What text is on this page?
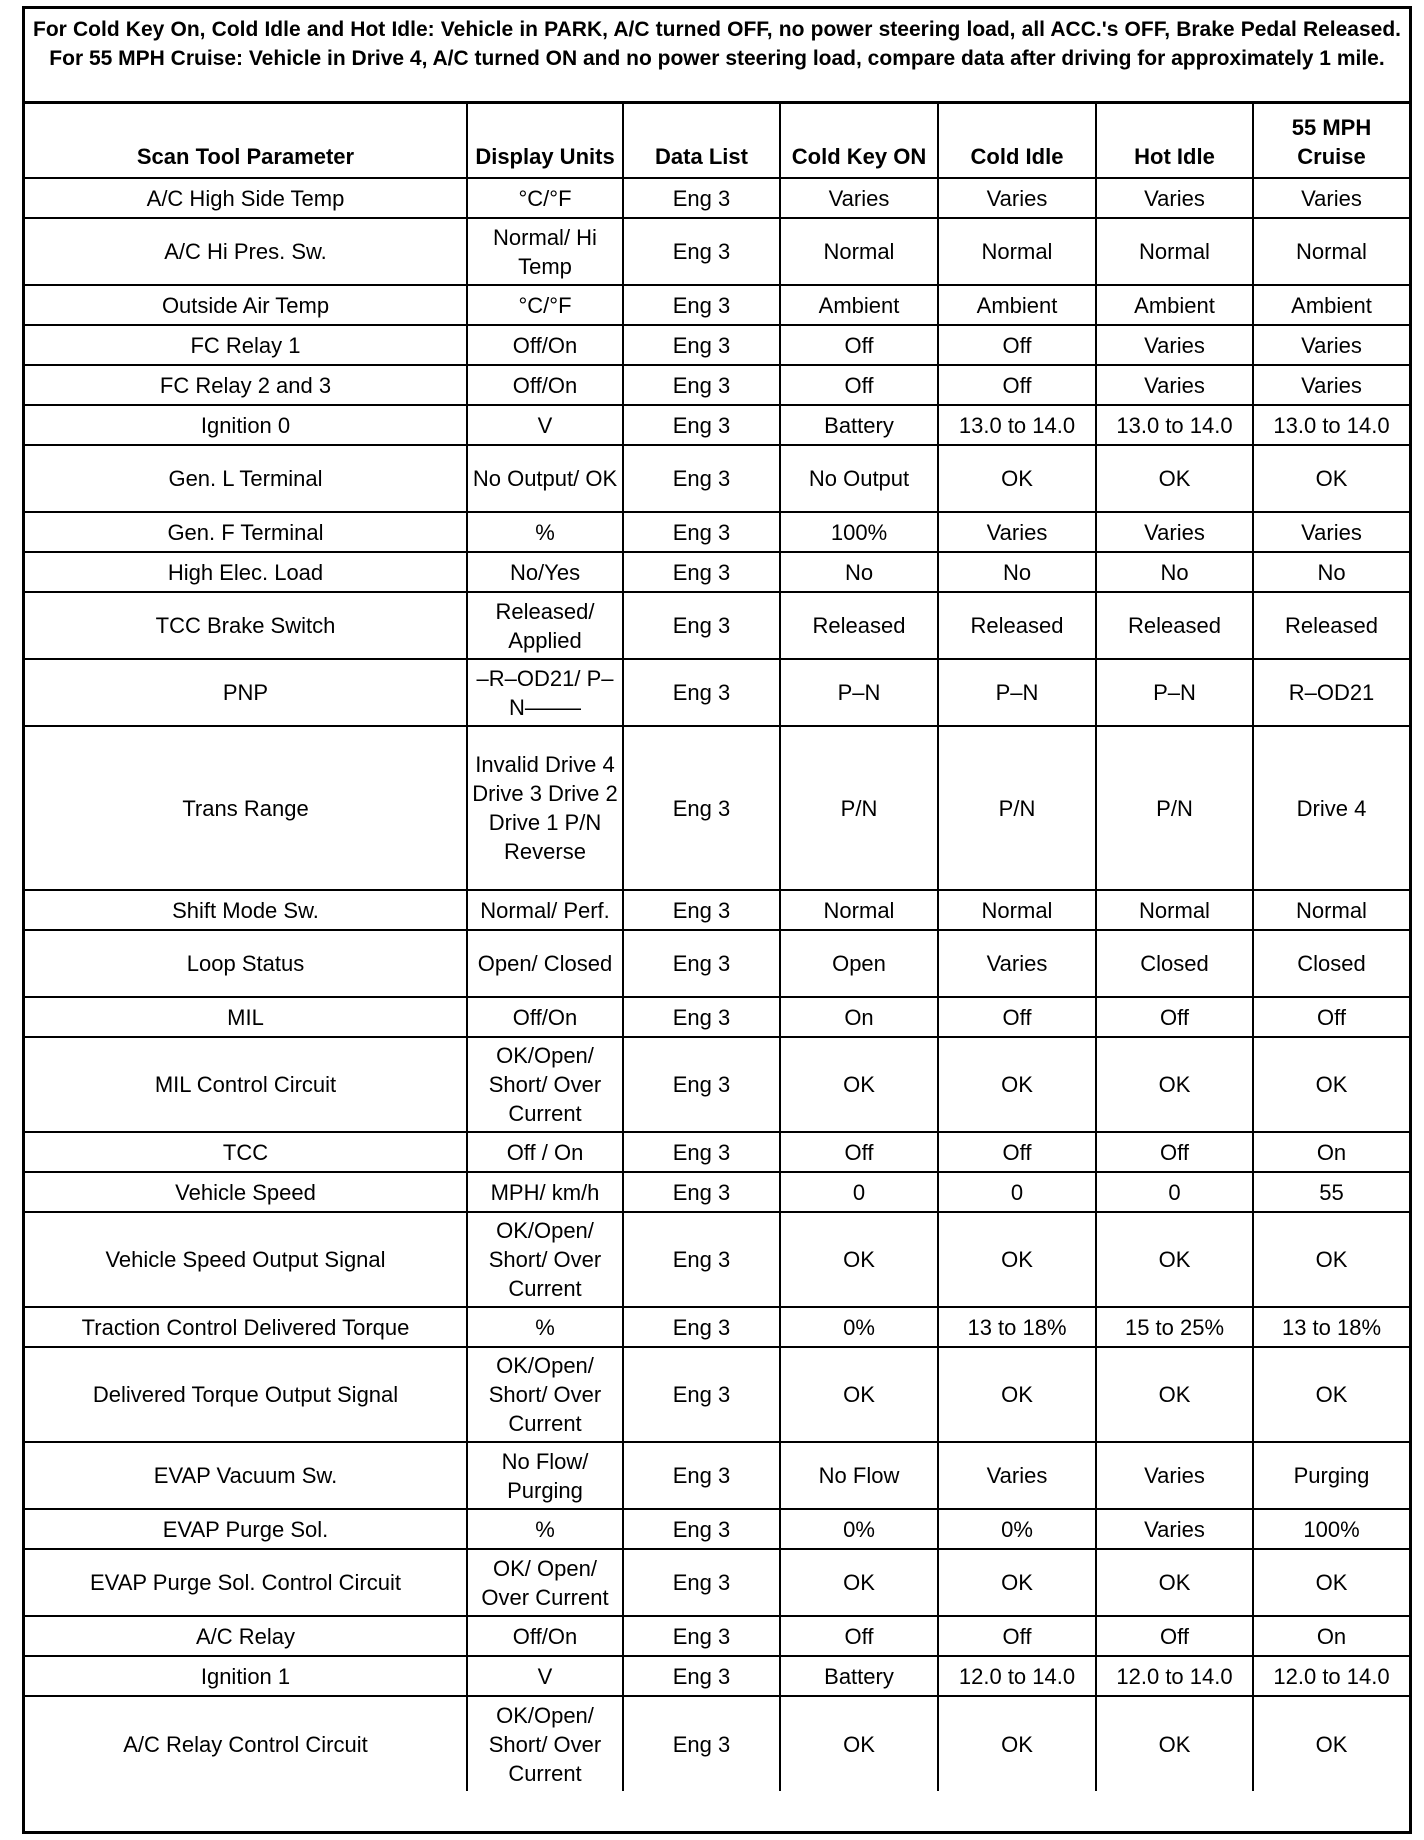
For Cold Key On, Cold Idle and Hot Idle: Vehicle in PARK, A/C turned OFF, no power steering load, all ACC.'s OFF, Brake Pedal Released. For 55 MPH Cruise: Vehicle in Drive 4, A/C turned ON and no power steering load, compare data after driving for approximately 1 mile.
Scan Tool Parameter	Display Units	Data List	Cold Key ON	Cold Idle	Hot Idle	55 MPH Cruise
A/C High Side Temp	°C/°F	Eng 3	Varies	Varies	Varies	Varies
A/C Hi Pres. Sw.	Normal/ Hi Temp	Eng 3	Normal	Normal	Normal	Normal
Outside Air Temp	°C/°F	Eng 3	Ambient	Ambient	Ambient	Ambient
FC Relay 1	Off/On	Eng 3	Off	Off	Varies	Varies
FC Relay 2 and 3	Off/On	Eng 3	Off	Off	Varies	Varies
Ignition 0	V	Eng 3	Battery	13.0 to 14.0	13.0 to 14.0	13.0 to 14.0
Gen. L Terminal	No Output/ OK	Eng 3	No Output	OK	OK	OK
Gen. F Terminal	%	Eng 3	100%	Varies	Varies	Varies
High Elec. Load	No/Yes	Eng 3	No	No	No	No
TCC Brake Switch	Released/ Applied	Eng 3	Released	Released	Released	Released
PNP	–R–OD21/ P–N–——	Eng 3	P–N	P–N	P–N	R–OD21
Trans Range	Invalid Drive 4 Drive 3 Drive 2 Drive 1 P/N Reverse	Eng 3	P/N	P/N	P/N	Drive 4
Shift Mode Sw.	Normal/ Perf.	Eng 3	Normal	Normal	Normal	Normal
Loop Status	Open/ Closed	Eng 3	Open	Varies	Closed	Closed
MIL	Off/On	Eng 3	On	Off	Off	Off
MIL Control Circuit	OK/Open/ Short/ Over Current	Eng 3	OK	OK	OK	OK
TCC	Off / On	Eng 3	Off	Off	Off	On
Vehicle Speed	MPH/ km/h	Eng 3	0	0	0	55
Vehicle Speed Output Signal	OK/Open/ Short/ Over Current	Eng 3	OK	OK	OK	OK
Traction Control Delivered Torque	%	Eng 3	0%	13 to 18%	15 to 25%	13 to 18%
Delivered Torque Output Signal	OK/Open/ Short/ Over Current	Eng 3	OK	OK	OK	OK
EVAP Vacuum Sw.	No Flow/ Purging	Eng 3	No Flow	Varies	Varies	Purging
EVAP Purge Sol.	%	Eng 3	0%	0%	Varies	100%
EVAP Purge Sol. Control Circuit	OK/ Open/ Over Current	Eng 3	OK	OK	OK	OK
A/C Relay	Off/On	Eng 3	Off	Off	Off	On
Ignition 1	V	Eng 3	Battery	12.0 to 14.0	12.0 to 14.0	12.0 to 14.0
A/C Relay Control Circuit	OK/Open/ Short/ Over Current	Eng 3	OK	OK	OK	OK
